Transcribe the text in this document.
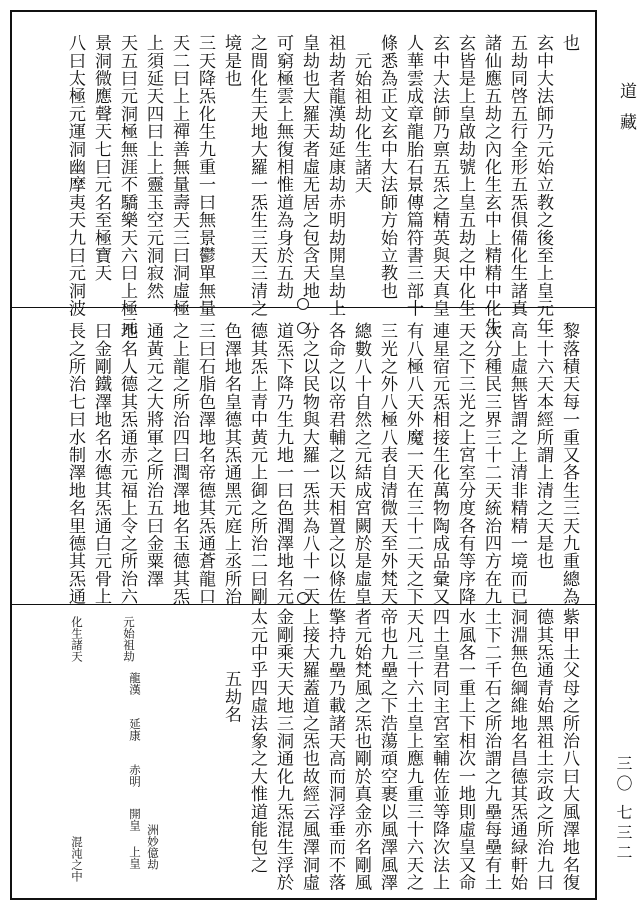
道藏
三〇 七三二
也
玄中大法師乃元始立教之後至上皇元年
五劫同啓五行全形五炁俱備化生諸真
諸仙應五劫之內化生玄中上精精中化生
玄皆是上皇啟劫號上皇五劫之中化生
玄中大法師乃禀五炁之精英與天真皇
人華雲成章龍胎石景傳篇符書三部十
條悉為正文玄中大法師方始立教也
元始祖劫化生諸天
祖劫者龍漢劫延康劫赤明劫開皇劫上
皇劫也大羅天者虛无居之包含天地
可窮極雲上無復相惟道為身於五劫
之間化生天地大羅一炁生三天三清之
境是也
三天降炁化生九重一曰無景鬱單無量
天二曰上上禪善無量壽天三曰洞虛極
上須延天四曰上上靈玉空元洞寂然
天五曰元洞極無涯不驕樂天六曰上極元
景洞微應聲天七曰元名至極寶天
八曰太極元運洞幽摩夷天九曰元洞波
黎落積天每一重又各生三天九重總為
三十六天本經所謂上清之天是也
高上虛無皆謂之上清非精精一境而已
次分種民三界三十二天統治四方在九
天之下三光之上宮室分度各有等序降
連星宿元炁相接生化萬物陶成品彙又
有八極八天外魔一天在三十二天之下
三光之外八極八表自清微天至外梵天
總數八十自然之元結成宮闕於是虛皇
各命之以帝君輔之以天相置之以條佐
分之以民物與大羅一炁共為八十一天
道炁下降乃生九地一曰色潤澤地名元
德其炁上青中黃元上御之所治二曰剛
色澤地名皇德其炁通黑元庭上丞所治
三曰石脂色澤地名帝德其炁通蒼龍口
之上龍之所治四曰潤澤地名玉德其炁
通黃元之大將軍之所治五曰金粟澤
地名人德其炁通赤元福上令之所治六
曰金剛鐵澤地名水德其炁通白元骨上
長之所治七曰水制澤地名里德其炁通
紫甲土父母之所治八曰大風澤地名復
德其炁通青始黑祖土宗政之所治九曰
洞淵無色綱維地名昌德其炁通緑軒始
土下二千石之所治謂之九壘每壘有土
水風各一重上下相次一地則虛皇又命
四土皇君同主宮室輔佐並等降次法上
天凡三十六土皇上應九重三十六天之
帝也九壘之下浩蕩頑空裹以風澤風澤
者元始梵風之炁也剛於真金亦名剛風
擎持九壘乃載諸天高而洞浮垂而不落
上接大羅蓋道之炁也故經云風澤洞虛
金剛乘天天地三洞通化九炁混生浮於
太元中乎四虛法象之大惟道能包之
五劫名
元始祖劫
化生諸天
龍漢
延康
赤明
開皇
上皇 洲妙億劫
混沌之中
